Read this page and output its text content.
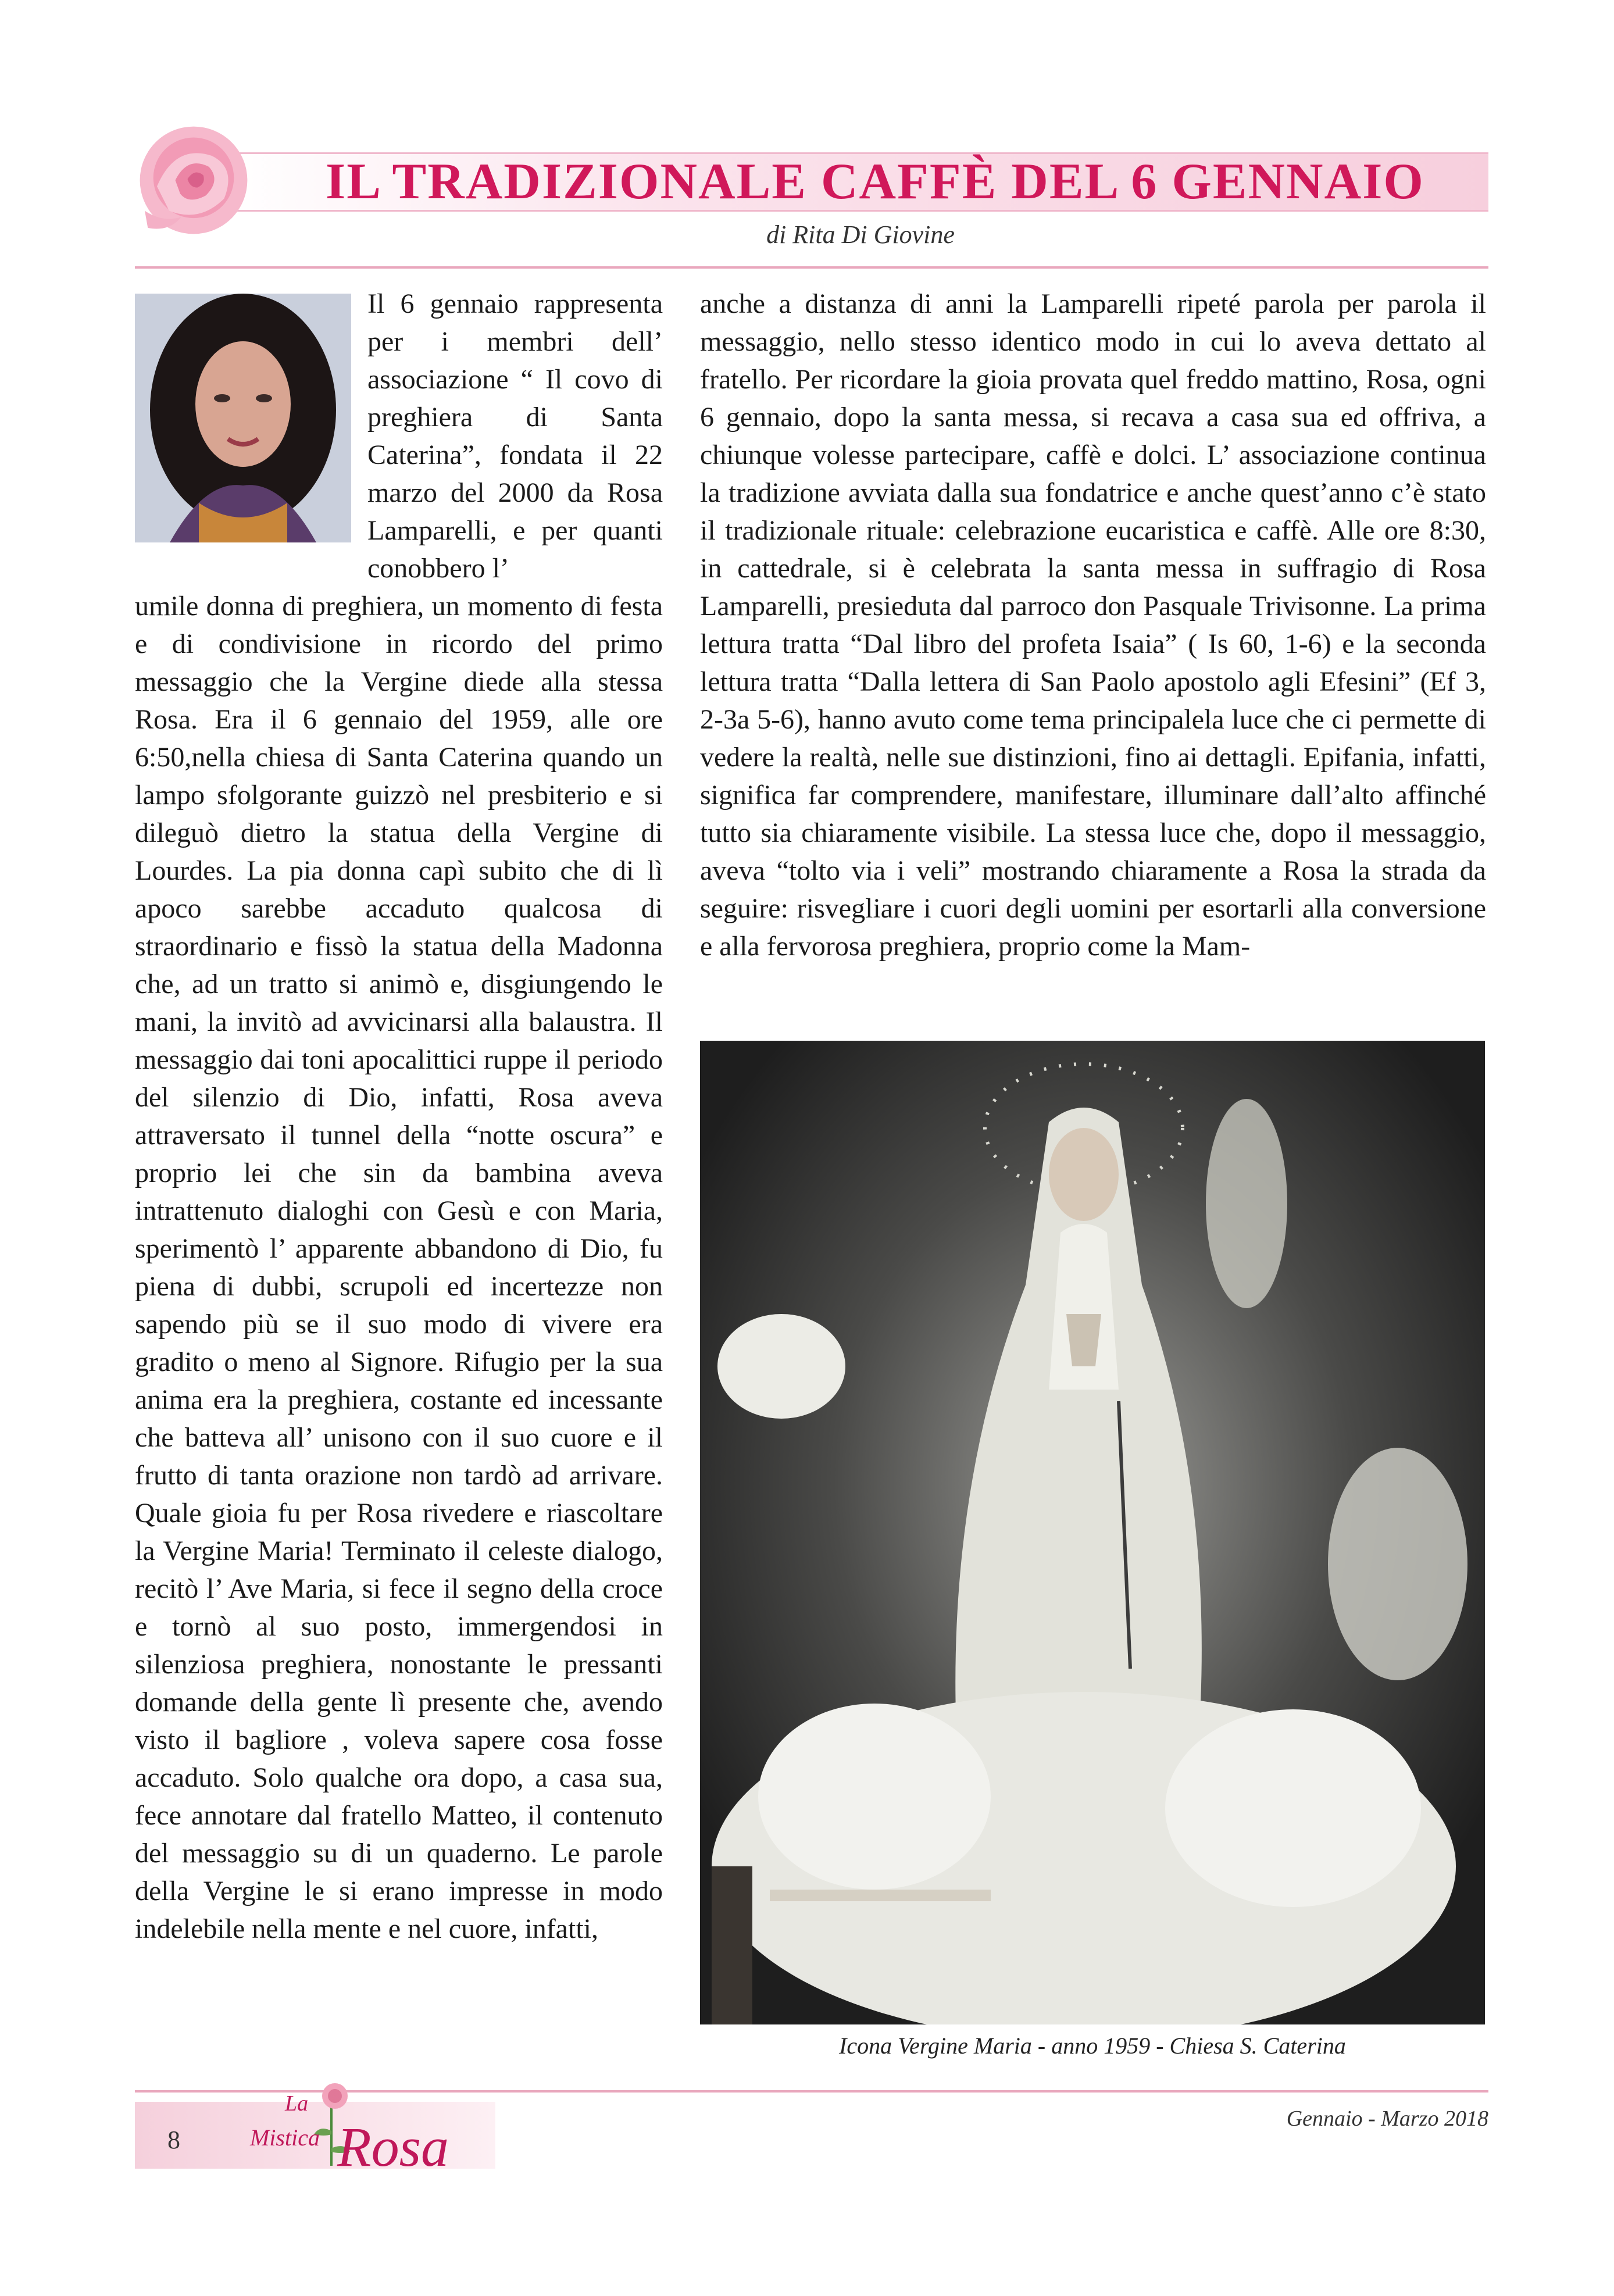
IL TRADIZIONALE CAFFÈ DEL 6 GENNAIO
di Rita Di Giovine

Il 6 gennaio rappresenta per i membri dell’ associazione “ Il covo di preghiera di Santa Caterina”, fondata il 22 marzo del 2000 da Rosa Lamparelli, e per quanti conobbero l’

umile donna di preghiera, un momento di festa e di condivisione in ricordo del primo messaggio che la Vergine diede alla stessa Rosa. Era il 6 gennaio del 1959, alle ore 6:50,nella chiesa di Santa Caterina quando un lampo sfolgorante guizzò nel presbiterio e si dileguò dietro la statua della Vergine di Lourdes. La pia donna capì subito che di lì apoco sarebbe accaduto qualcosa di straordinario e fissò la statua della Madonna che, ad un tratto si animò e, disgiungendo le mani, la invitò ad avvicinarsi alla balaustra. Il messaggio dai toni apocalittici ruppe il periodo del silenzio di Dio, infatti, Rosa aveva attraversato il tunnel della “notte oscura” e proprio lei che sin da bambina aveva intrattenuto dialoghi con Gesù e con Maria, sperimentò l’ apparente abbandono di Dio, fu piena di dubbi, scrupoli ed incertezze non sapendo più se il suo modo di vivere era gradito o meno al Signore. Rifugio per la sua anima era la preghiera, costante ed incessante che batteva all’ unisono con il suo cuore e il frutto di tanta orazione non tardò ad arrivare. Quale gioia fu per Rosa rivedere e riascoltare la Vergine Maria! Terminato il celeste dialogo, recitò l’ Ave Maria, si fece il segno della croce e tornò al suo posto, immergendosi in silenziosa preghiera, nonostante le pressanti domande della gente lì presente che, avendo visto il bagliore , voleva sapere cosa fosse accaduto. Solo qualche ora dopo, a casa sua, fece annotare dal fratello Matteo, il contenuto del messaggio su di un quaderno. Le parole della Vergine le si erano impresse in modo indelebile nella mente e nel cuore, infatti,

anche a distanza di anni la Lamparelli ripeté parola per parola il messaggio, nello stesso identico modo in cui lo aveva dettato al fratello. Per ricordare la gioia provata quel freddo mattino, Rosa, ogni 6 gennaio, dopo la santa messa, si recava a casa sua ed offriva, a chiunque volesse partecipare, caffè e dolci. L’ associazione continua la tradizione avviata dalla sua fondatrice e anche quest’anno c’è stato il tradizionale rituale: celebrazione eucaristica e caffè. Alle ore 8:30, in cattedrale, si è celebrata la santa messa in suffragio di Rosa Lamparelli, presieduta dal parroco don Pasquale Trivisonne. La prima lettura tratta “Dal libro del profeta Isaia” ( Is 60, 1-6) e la seconda lettura tratta “Dalla lettera di San Paolo apostolo agli Efesini” (Ef 3, 2-3a 5-6), hanno avuto come tema principalela luce che ci permette di vedere la realtà, nelle sue distinzioni, fino ai dettagli. Epifania, infatti, significa far comprendere, manifestare, illuminare dall’alto affinché tutto sia chiaramente visibile. La stessa luce che, dopo il messaggio, aveva “tolto via i veli” mostrando chiaramente a Rosa la strada da seguire: risvegliare i cuori degli uomini per esortarli alla conversione e alla fervorosa preghiera, proprio come la Mam-

Icona Vergine Maria - anno 1959 - Chiesa S. Caterina
8
La
Mistica Rosa	Gennaio - Marzo 2018
